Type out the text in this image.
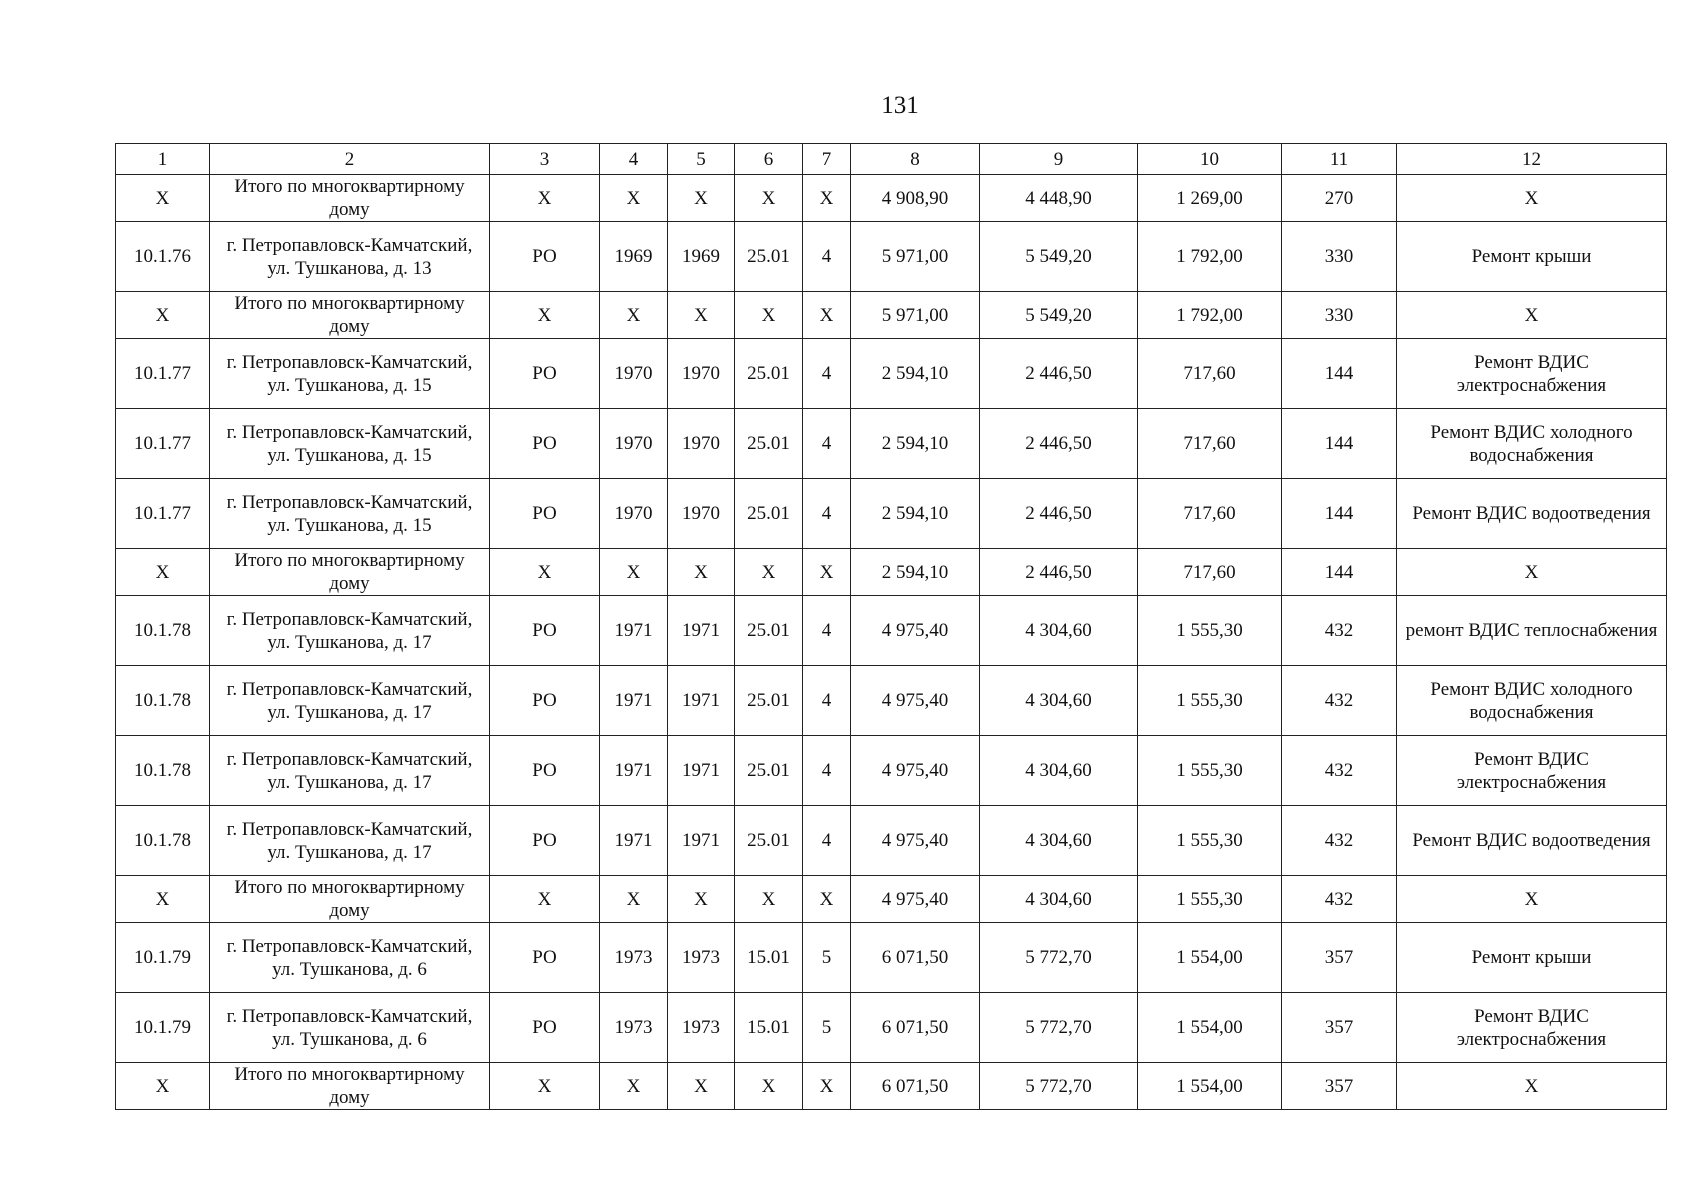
131
1	2	3	4	5	6	7	8	9	10	11	12
X	Итого по многоквартирному дому	X	X	X	X	X	4 908,90	4 448,90	1 269,00	270	X
10.1.76	г. Петропавловск-Камчатский, ул. Тушканова, д. 13	РО	1969	1969	25.01	4	5 971,00	5 549,20	1 792,00	330	Ремонт крыши
X	Итого по многоквартирному дому	X	X	X	X	X	5 971,00	5 549,20	1 792,00	330	X
10.1.77	г. Петропавловск-Камчатский, ул. Тушканова, д. 15	РО	1970	1970	25.01	4	2 594,10	2 446,50	717,60	144	Ремонт ВДИС электроснабжения
10.1.77	г. Петропавловск-Камчатский, ул. Тушканова, д. 15	РО	1970	1970	25.01	4	2 594,10	2 446,50	717,60	144	Ремонт ВДИС холодного водоснабжения
10.1.77	г. Петропавловск-Камчатский, ул. Тушканова, д. 15	РО	1970	1970	25.01	4	2 594,10	2 446,50	717,60	144	Ремонт ВДИС водоотведения
X	Итого по многоквартирному дому	X	X	X	X	X	2 594,10	2 446,50	717,60	144	X
10.1.78	г. Петропавловск-Камчатский, ул. Тушканова, д. 17	РО	1971	1971	25.01	4	4 975,40	4 304,60	1 555,30	432	ремонт ВДИС теплоснабжения
10.1.78	г. Петропавловск-Камчатский, ул. Тушканова, д. 17	РО	1971	1971	25.01	4	4 975,40	4 304,60	1 555,30	432	Ремонт ВДИС холодного водоснабжения
10.1.78	г. Петропавловск-Камчатский, ул. Тушканова, д. 17	РО	1971	1971	25.01	4	4 975,40	4 304,60	1 555,30	432	Ремонт ВДИС электроснабжения
10.1.78	г. Петропавловск-Камчатский, ул. Тушканова, д. 17	РО	1971	1971	25.01	4	4 975,40	4 304,60	1 555,30	432	Ремонт ВДИС водоотведения
X	Итого по многоквартирному дому	X	X	X	X	X	4 975,40	4 304,60	1 555,30	432	X
10.1.79	г. Петропавловск-Камчатский, ул. Тушканова, д. 6	РО	1973	1973	15.01	5	6 071,50	5 772,70	1 554,00	357	Ремонт крыши
10.1.79	г. Петропавловск-Камчатский, ул. Тушканова, д. 6	РО	1973	1973	15.01	5	6 071,50	5 772,70	1 554,00	357	Ремонт ВДИС электроснабжения
X	Итого по многоквартирному дому	X	X	X	X	X	6 071,50	5 772,70	1 554,00	357	X
